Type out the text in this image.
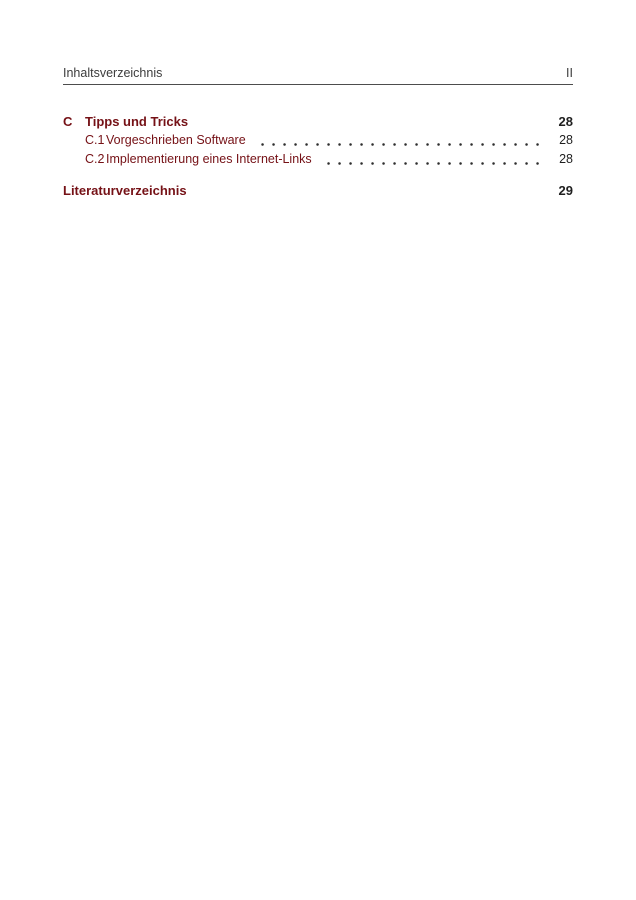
Inhaltsverzeichnis	II
C Tipps und Tricks	28
C.1 Vorgeschrieben Software	28
C.2 Implementierung eines Internet-Links	28
Literaturverzeichnis	29
